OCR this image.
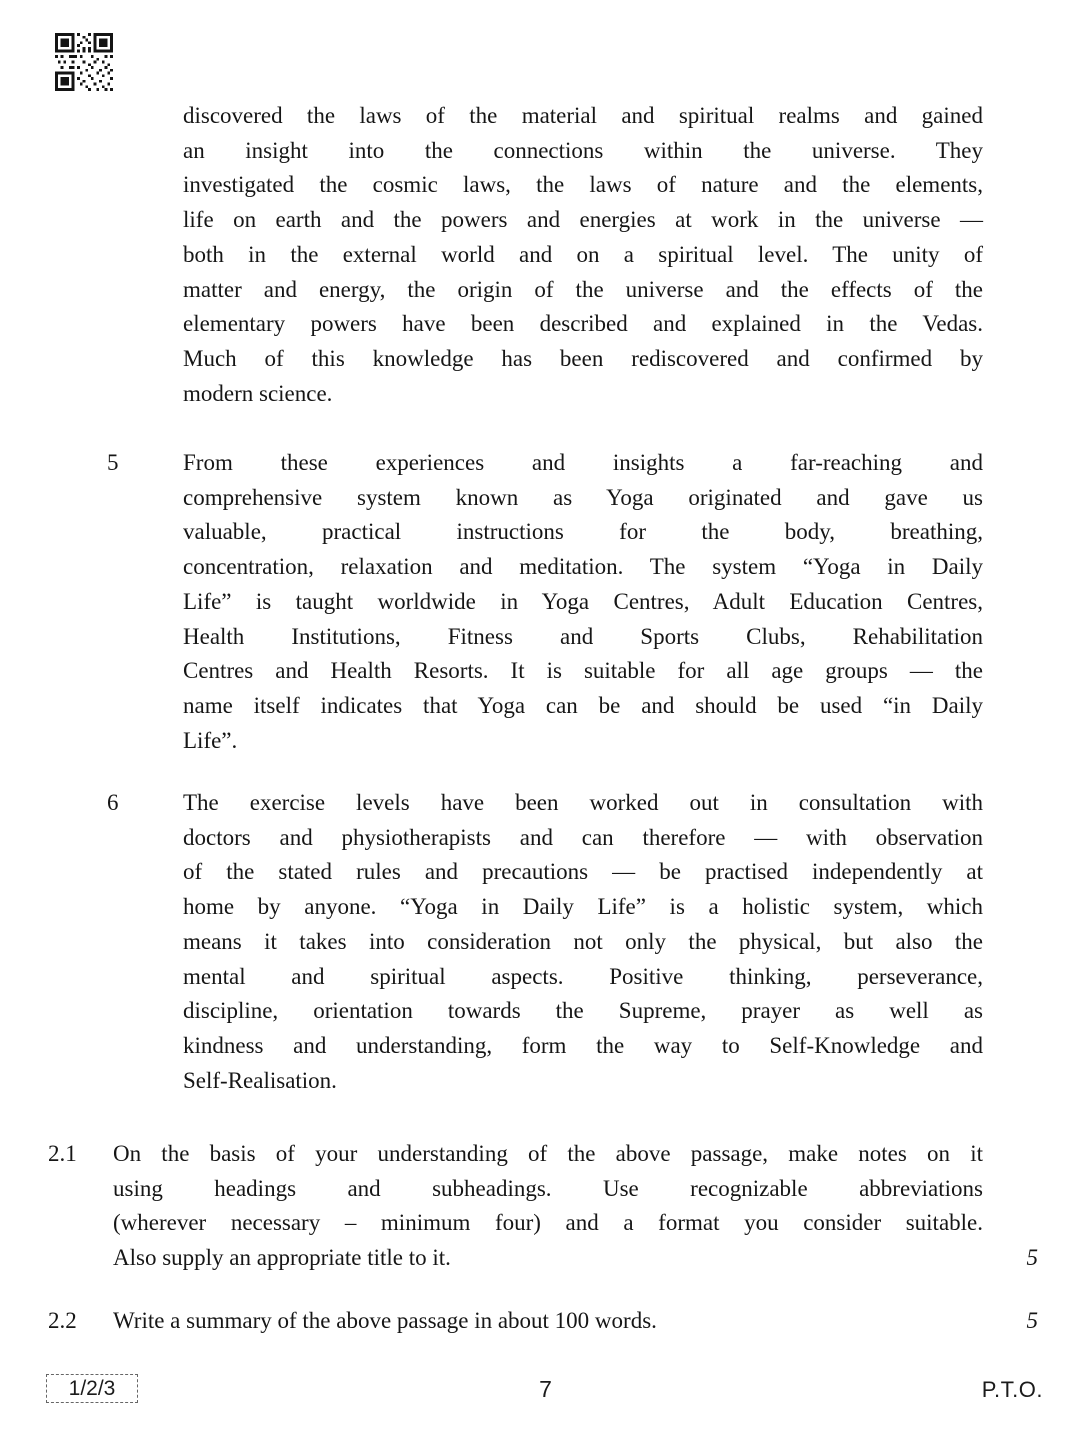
discovered the laws of the material and spiritual realms and gained
an insight into the connections within the universe. They
investigated the cosmic laws, the laws of nature and the elements,
life on earth and the powers and energies at work in the universe —
both in the external world and on a spiritual level. The unity of
matter and energy, the origin of the universe and the effects of the
elementary powers have been described and explained in the Vedas.
Much of this knowledge has been rediscovered and confirmed by
modern science.
5	From these experiences and insights a far-reaching and
comprehensive system known as Yoga originated and gave us
valuable, practical instructions for the body, breathing,
concentration, relaxation and meditation. The system “Yoga in Daily
Life” is taught worldwide in Yoga Centres, Adult Education Centres,
Health Institutions, Fitness and Sports Clubs, Rehabilitation
Centres and Health Resorts. It is suitable for all age groups — the
name itself indicates that Yoga can be and should be used “in Daily
Life”.
6	The exercise levels have been worked out in consultation with
doctors and physiotherapists and can therefore — with observation
of the stated rules and precautions — be practised independently at
home by anyone. “Yoga in Daily Life” is a holistic system, which
means it takes into consideration not only the physical, but also the
mental and spiritual aspects. Positive thinking, perseverance,
discipline, orientation towards the Supreme, prayer as well as
kindness and understanding, form the way to Self-Knowledge and
Self-Realisation.
2.1 On the basis of your understanding of the above passage, make notes on it
using headings and subheadings. Use recognizable abbreviations
(wherever necessary – minimum four) and a format you consider suitable.
Also supply an appropriate title to it.	5
2.2 Write a summary of the above passage in about 100 words.	5
1/2/3	7	P.T.O.
